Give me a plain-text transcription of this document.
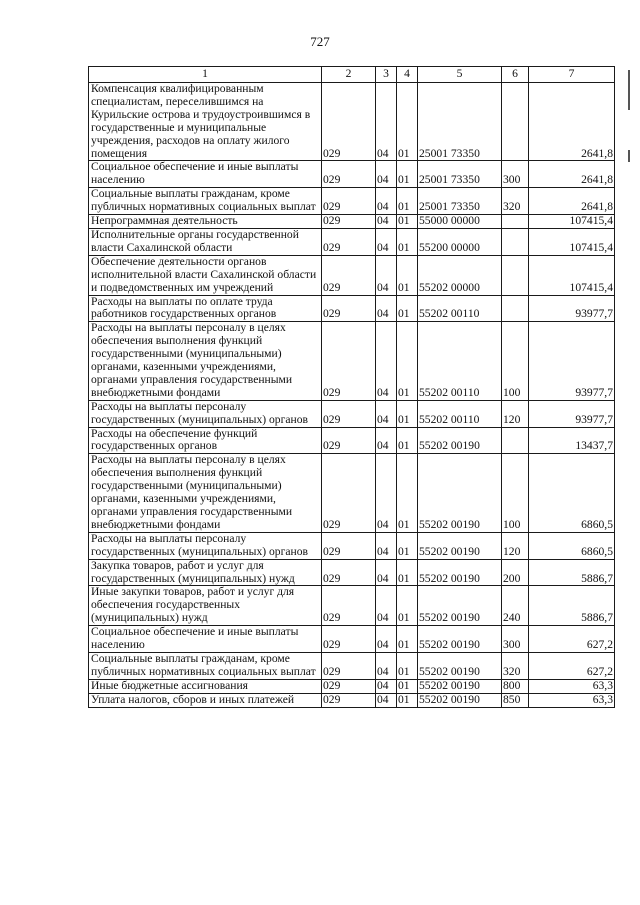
727
1	2	3	4	5	6	7
Компенсация квалифицированным специалистам, переселившимся на Курильские острова и трудоустроившимся в государственные и муниципальные учреждения, расходов на оплату жилого помещения	029	04	01	25001 73350		2641,8
Социальное обеспечение и иные выплаты населению	029	04	01	25001 73350	300	2641,8
Социальные выплаты гражданам, кроме публичных нормативных социальных выплат	029	04	01	25001 73350	320	2641,8
Непрограммная деятельность	029	04	01	55000 00000		107415,4
Исполнительные органы государственной власти Сахалинской области	029	04	01	55200 00000		107415,4
Обеспечение деятельности органов исполнительной власти Сахалинской области и подведомственных им учреждений	029	04	01	55202 00000		107415,4
Расходы на выплаты по оплате труда работников государственных органов	029	04	01	55202 00110		93977,7
Расходы на выплаты персоналу в целях обеспечения выполнения функций государственными (муниципальными) органами, казенными учреждениями, органами управления государственными внебюджетными фондами	029	04	01	55202 00110	100	93977,7
Расходы на выплаты персоналу государственных (муниципальных) органов	029	04	01	55202 00110	120	93977,7
Расходы на обеспечение функций государственных органов	029	04	01	55202 00190		13437,7
Расходы на выплаты персоналу в целях обеспечения выполнения функций государственными (муниципальными) органами, казенными учреждениями, органами управления государственными внебюджетными фондами	029	04	01	55202 00190	100	6860,5
Расходы на выплаты персоналу государственных (муниципальных) органов	029	04	01	55202 00190	120	6860,5
Закупка товаров, работ и услуг для государственных (муниципальных) нужд	029	04	01	55202 00190	200	5886,7
Иные закупки товаров, работ и услуг для обеспечения государственных (муниципальных) нужд	029	04	01	55202 00190	240	5886,7
Социальное обеспечение и иные выплаты населению	029	04	01	55202 00190	300	627,2
Социальные выплаты гражданам, кроме публичных нормативных социальных выплат	029	04	01	55202 00190	320	627,2
Иные бюджетные ассигнования	029	04	01	55202 00190	800	63,3
Уплата налогов, сборов и иных платежей	029	04	01	55202 00190	850	63,3
